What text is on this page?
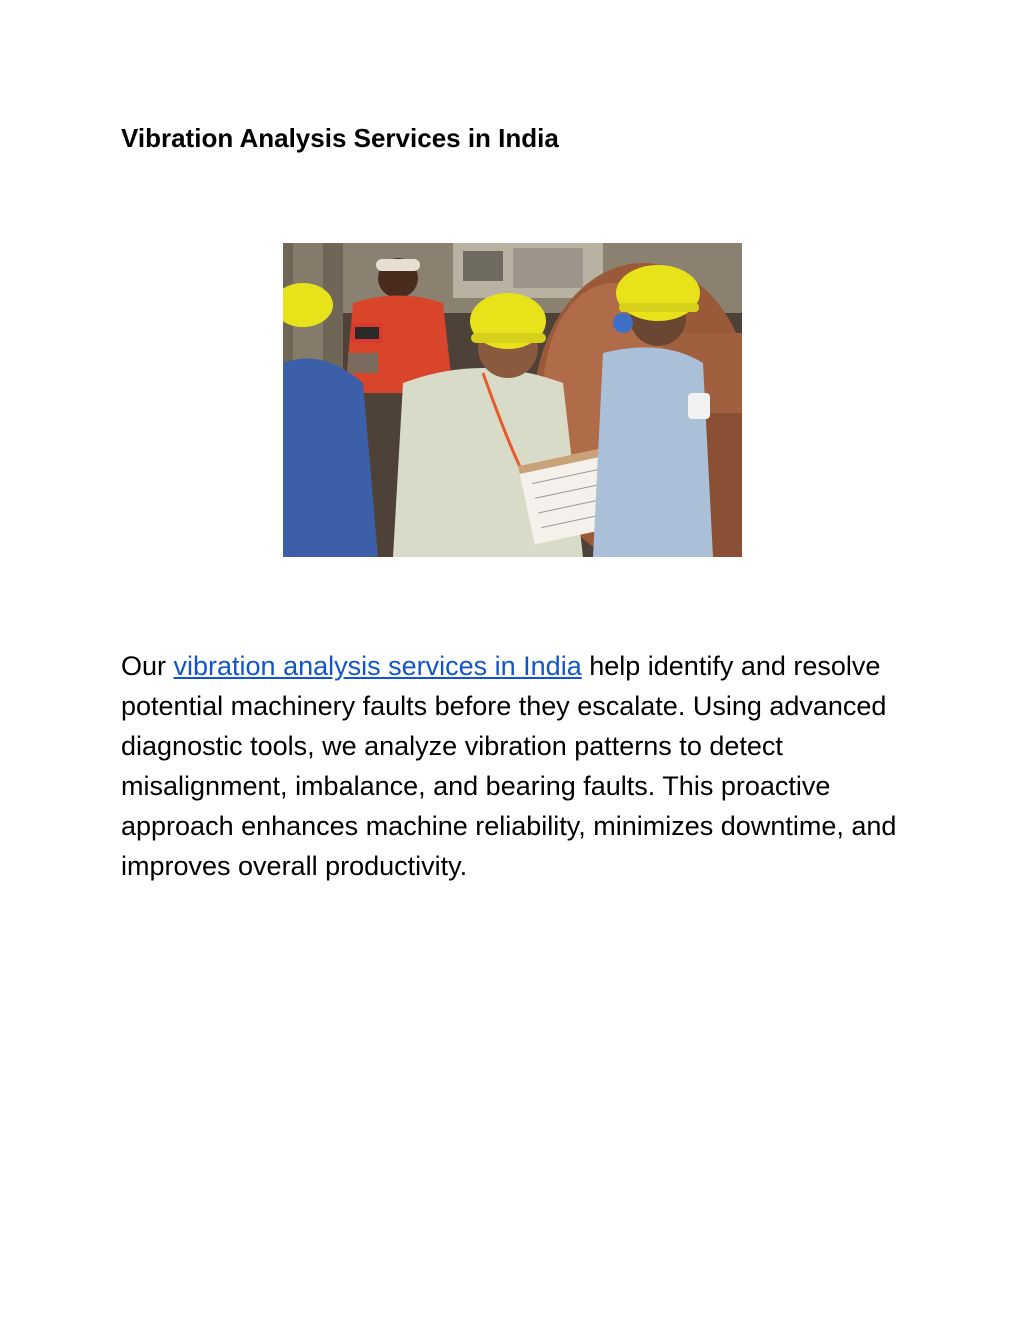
Vibration Analysis Services in India

Our vibration analysis services in India help identify and resolve potential machinery faults before they escalate. Using advanced diagnostic tools, we analyze vibration patterns to detect misalignment, imbalance, and bearing faults. This proactive approach enhances machine reliability, minimizes downtime, and improves overall productivity.
